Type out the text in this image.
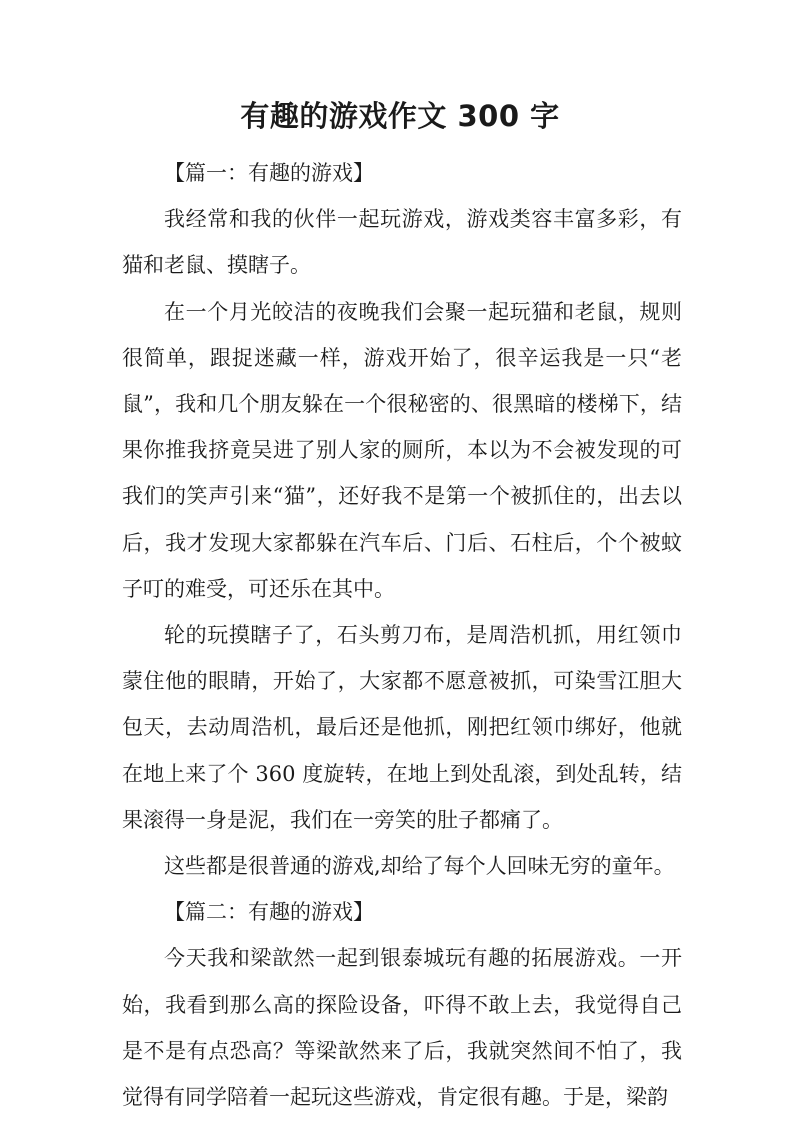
有趣的游戏作文 300 字

【篇一：有趣的游戏】

我经常和我的伙伴一起玩游戏，游戏类容丰富多彩，有猫和老鼠、摸瞎子。

在一个月光皎洁的夜晚我们会聚一起玩猫和老鼠，规则很简单，跟捉迷藏一样，游戏开始了，很辛运我是一只“老鼠”，我和几个朋友躲在一个很秘密的、很黑暗的楼梯下，结果你推我挤竟吴进了别人家的厕所，本以为不会被发现的可我们的笑声引来“猫”，还好我不是第一个被抓住的，出去以后，我才发现大家都躲在汽车后、门后、石柱后，个个被蚊子叮的难受，可还乐在其中。

轮的玩摸瞎子了，石头剪刀布，是周浩机抓，用红领巾蒙住他的眼睛，开始了，大家都不愿意被抓，可染雪江胆大包天，去动周浩机，最后还是他抓，刚把红领巾绑好，他就在地上来了个 360 度旋转，在地上到处乱滚，到处乱转，结果滚得一身是泥，我们在一旁笑的肚子都痛了。

这些都是很普通的游戏,却给了每个人回味无穷的童年。

【篇二：有趣的游戏】

今天我和梁歆然一起到银泰城玩有趣的拓展游戏。一开始，我看到那么高的探险设备，吓得不敢上去，我觉得自己是不是有点恐高？等梁歆然来了后，我就突然间不怕了，我觉得有同学陪着一起玩这些游戏，肯定很有趣。于是，梁韵
